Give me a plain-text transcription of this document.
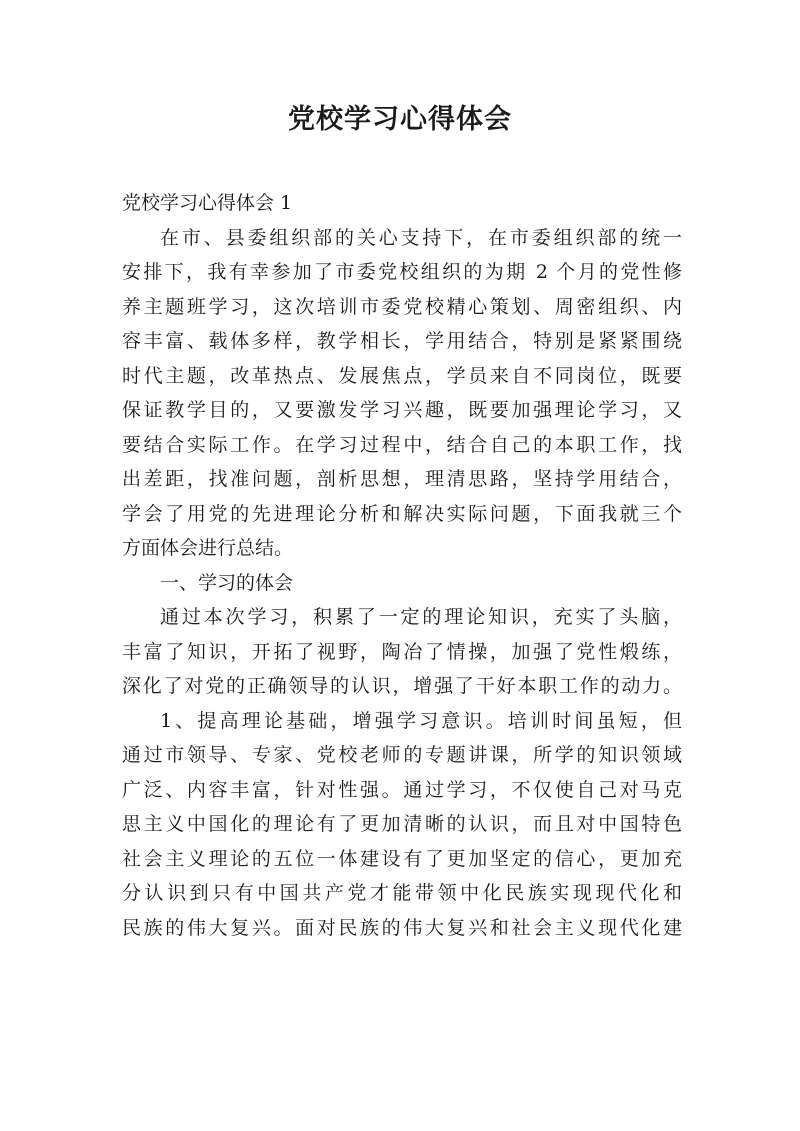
党校学习心得体会
党校学习心得体会 1
在市、县委组织部的关心支持下，在市委组织部的统一
安排下，我有幸参加了市委党校组织的为期 2 个月的党性修
养主题班学习，这次培训市委党校精心策划、周密组织、内
容丰富、载体多样，教学相长，学用结合，特别是紧紧围绕
时代主题，改革热点、发展焦点，学员来自不同岗位，既要
保证教学目的，又要激发学习兴趣，既要加强理论学习，又
要结合实际工作。在学习过程中，结合自己的本职工作，找
出差距，找准问题，剖析思想，理清思路，坚持学用结合，
学会了用党的先进理论分析和解决实际问题，下面我就三个
方面体会进行总结。
一、学习的体会
通过本次学习，积累了一定的理论知识，充实了头脑，
丰富了知识，开拓了视野，陶冶了情操，加强了党性煅练，
深化了对党的正确领导的认识，增强了干好本职工作的动力。
1、提高理论基础，增强学习意识。培训时间虽短，但
通过市领导、专家、党校老师的专题讲课，所学的知识领域
广泛、内容丰富，针对性强。通过学习，不仅使自己对马克
思主义中国化的理论有了更加清晰的认识，而且对中国特色
社会主义理论的五位一体建设有了更加坚定的信心，更加充
分认识到只有中国共产党才能带领中化民族实现现代化和
民族的伟大复兴。面对民族的伟大复兴和社会主义现代化建
